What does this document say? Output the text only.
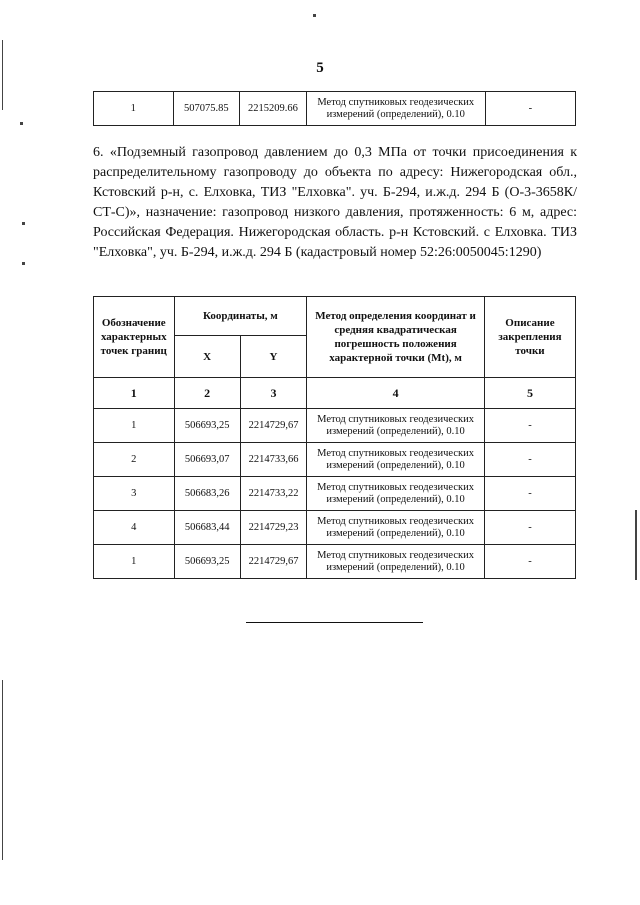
5
1	507075.85	2215209.66	Метод спутниковых геодезических измерений (определений), 0.10	-
6. «Подземный газопровод давлением до 0,3 МПа от точки присоединения к распределительному газопроводу до объекта по адресу: Нижегородская обл., Кстовский р-н, с. Елховка, ТИЗ "Елховка". уч. Б-294, и.ж.д. 294 Б (О-3-3658К/СТ-С)», назначение: газопровод низкого давления, протяженность: 6 м, адрес: Российская Федерация. Нижегородская область. р-н Кстовский. с Елховка. ТИЗ "Елховка", уч. Б-294, и.ж.д. 294 Б (кадастровый номер 52:26:0050045:1290)
Обозначение характерных точек границ	Координаты, м		Метод определения координат и средняя квадратическая погрешность положения характерной точки (Mt), м	Описание закрепления точки
	X	Y		
1	2	3	4	5
1	506693,25	2214729,67	Метод спутниковых геодезических измерений (определений), 0.10	-
2	506693,07	2214733,66	Метод спутниковых геодезических измерений (определений), 0.10	-
3	506683,26	2214733,22	Метод спутниковых геодезических измерений (определений), 0.10	-
4	506683,44	2214729,23	Метод спутниковых геодезических измерений (определений), 0.10	-
1	506693,25	2214729,67	Метод спутниковых геодезических измерений (определений), 0.10	-
